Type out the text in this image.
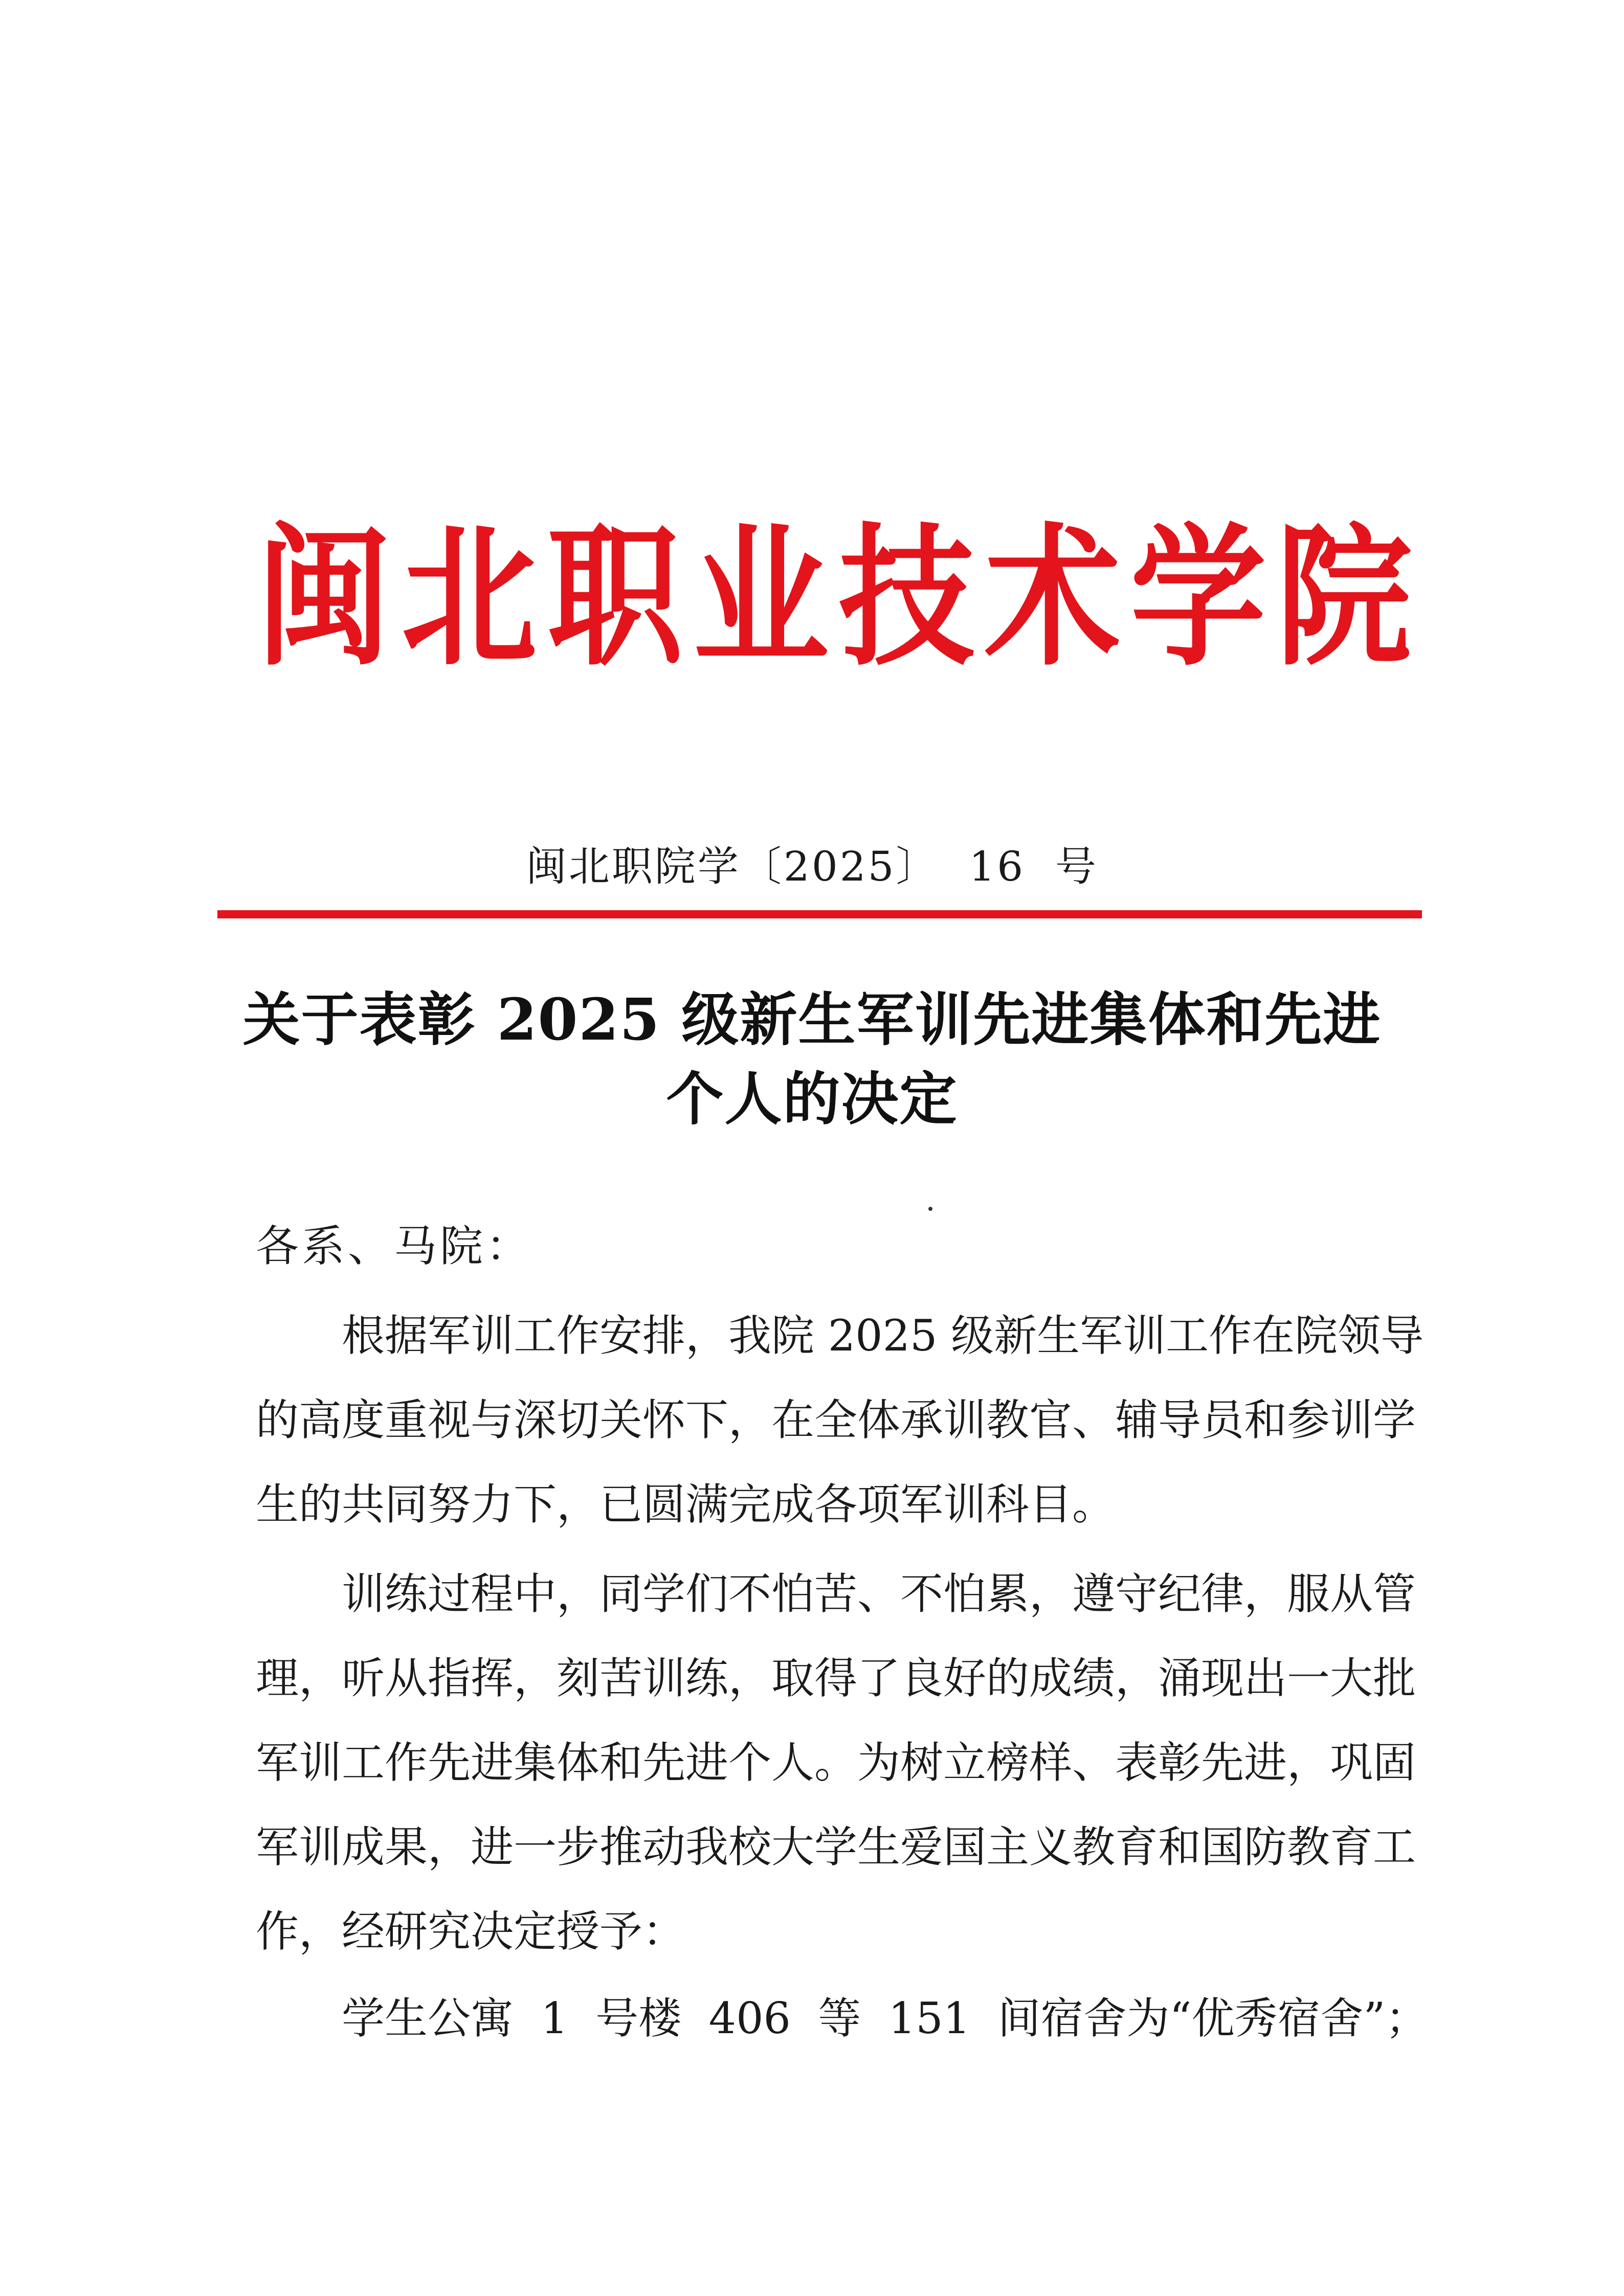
闽 北 职 业 技 术 学 院
闽北职院学〔2025〕  16  号
关于表彰 2025 级新生军训先进集体和先进
个人的决定
各系、马院：
根据军训工作安排，我院 2025 级新生军训工作在院领导
的高度重视与深切关怀下，在全体承训教官、辅导员和参训学
生的共同努力下，已圆满完成各项军训科目。
训练过程中，同学们不怕苦、不怕累，遵守纪律，服从管
理，听从指挥，刻苦训练，取得了良好的成绩，涌现出一大批
军训工作先进集体和先进个人。为树立榜样、表彰先进，巩固
军训成果，进一步推动我校大学生爱国主义教育和国防教育工
作，经研究决定授予：
学生公寓  1  号楼  406  等  151  间宿舍为“优秀宿舍”；
